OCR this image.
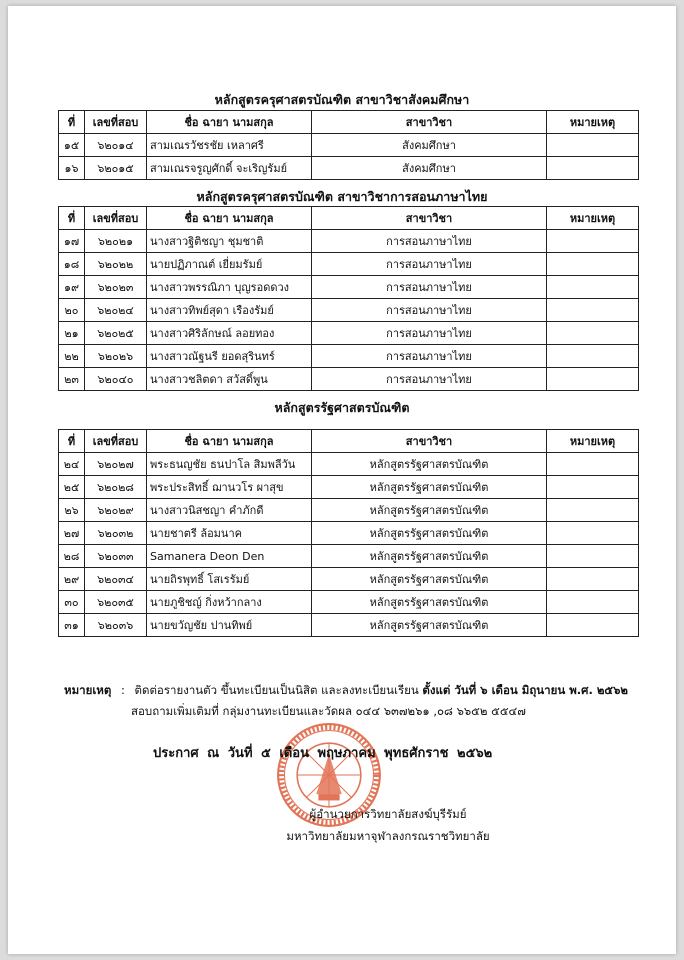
หลักสูตรครุศาสตรบัณฑิต สาขาวิชาสังคมศึกษา
ที่	เลขที่สอบ	ชื่อ ฉายา นามสกุล	สาขาวิชา	หมายเหตุ
๑๕	๖๒๐๑๔	สามเณรวัชรชัย เหลาศรี	สังคมศึกษา	
๑๖	๖๒๐๑๕	สามเณรจรูญศักดิ์ จะเริญรัมย์	สังคมศึกษา	
หลักสูตรครุศาสตรบัณฑิต สาขาวิชาการสอนภาษาไทย
ที่	เลขที่สอบ	ชื่อ ฉายา นามสกุล	สาขาวิชา	หมายเหตุ
๑๗	๖๒๐๒๑	นางสาวฐิติชญา ชุมชาติ	การสอนภาษาไทย	
๑๘	๖๒๐๒๒	นายปฏิภาณต์ เยี่ยมรัมย์	การสอนภาษาไทย	
๑๙	๖๒๐๒๓	นางสาวพรรณิภา บุญรอดดวง	การสอนภาษาไทย	
๒๐	๖๒๐๒๔	นางสาวทิพย์สุดา เรืองรัมย์	การสอนภาษาไทย	
๒๑	๖๒๐๒๕	นางสาวศิริลักษณ์ ลอยทอง	การสอนภาษาไทย	
๒๒	๖๒๐๒๖	นางสาวณัฐนรี ยอดสุรินทร์	การสอนภาษาไทย	
๒๓	๖๒๐๔๐	นางสาวชลิตดา สวัสดิ์พูน	การสอนภาษาไทย	
หลักสูตรรัฐศาสตรบัณฑิต
ที่	เลขที่สอบ	ชื่อ ฉายา นามสกุล	สาขาวิชา	หมายเหตุ
๒๔	๖๒๐๒๗	พระธนญชัย ธนปาโล สิมพลีวัน	หลักสูตรรัฐศาสตรบัณฑิต	
๒๕	๖๒๐๒๘	พระประสิทธิ์ ฌานวโร ผาสุข	หลักสูตรรัฐศาสตรบัณฑิต	
๒๖	๖๒๐๒๙	นางสาวนิสชญา คำภักดี	หลักสูตรรัฐศาสตรบัณฑิต	
๒๗	๖๒๐๓๒	นายชาตรี ล้อมนาค	หลักสูตรรัฐศาสตรบัณฑิต	
๒๘	๖๒๐๓๓	Samanera Deon Den	หลักสูตรรัฐศาสตรบัณฑิต	
๒๙	๖๒๐๓๔	นายถิรพุทธิ์ โสเรรัมย์	หลักสูตรรัฐศาสตรบัณฑิต	
๓๐	๖๒๐๓๕	นายภูชิชญ์ กิ่งหว้ากลาง	หลักสูตรรัฐศาสตรบัณฑิต	
๓๑	๖๒๐๓๖	นายขวัญชัย ปานทิพย์	หลักสูตรรัฐศาสตรบัณฑิต	
หมายเหตุ : ติดต่อรายงานตัว ขึ้นทะเบียนเป็นนิสิต และลงทะเบียนเรียน ตั้งแต่ วันที่ ๖ เดือน มิถุนายน พ.ศ. ๒๕๖๒
สอบถามเพิ่มเติมที่ กลุ่มงานทะเบียนและวัดผล ๐๔๔ ๖๓๗๒๖๑ ,๐๘ ๖๖๕๒ ๕๕๔๗
ประกาศ ณ วันที่ ๕ เดือน พฤษภาคม พุทธศักราช ๒๕๖๒
ผู้อำนวยการวิทยาลัยสงฆ์บุรีรัมย์
มหาวิทยาลัยมหาจุฬาลงกรณราชวิทยาลัย
